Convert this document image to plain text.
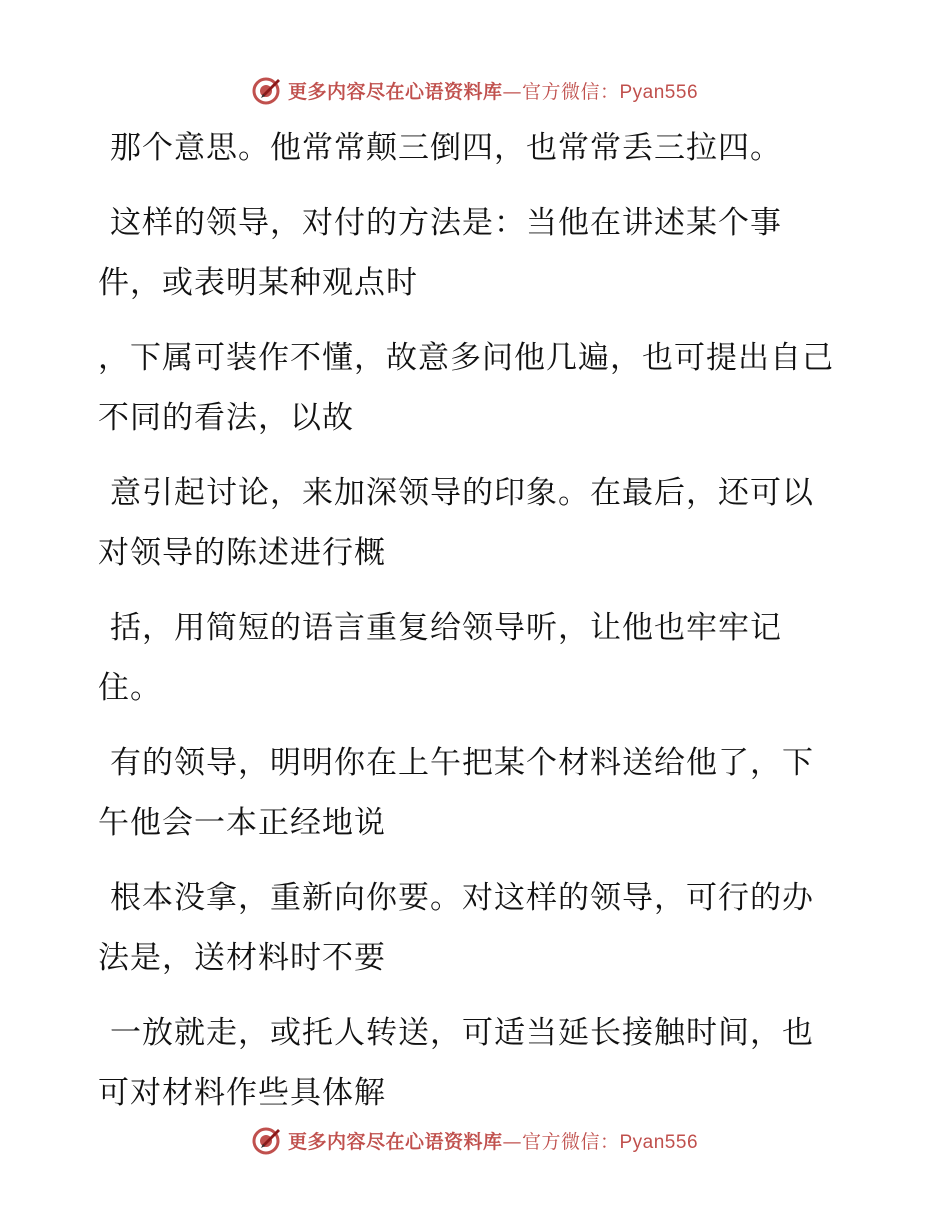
更多内容尽在心语资料库—官方微信：Pyan556

那个意思。他常常颠三倒四，也常常丢三拉四。

这样的领导，对付的方法是：当他在讲述某个事件，或表明某种观点时

，下属可装作不懂，故意多问他几遍，也可提出自己不同的看法，以故

意引起讨论，来加深领导的印象。在最后，还可以对领导的陈述进行概

括，用简短的语言重复给领导听，让他也牢牢记住。

有的领导，明明你在上午把某个材料送给他了，下午他会一本正经地说

根本没拿，重新向你要。对这样的领导，可行的办法是，送材料时不要

一放就走，或托人转送，可适当延长接触时间，也可对材料作些具体解

更多内容尽在心语资料库—官方微信：Pyan556
